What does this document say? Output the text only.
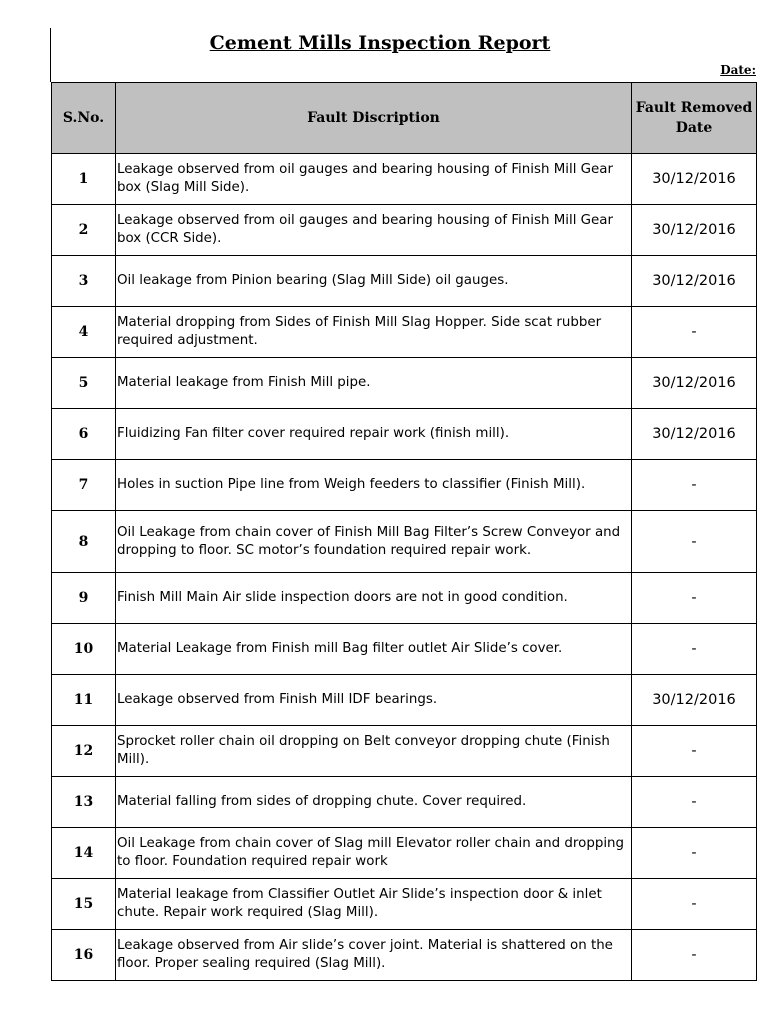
Cement Mills Inspection Report
Date:
S.No.	Fault Discription	Fault Removed Date
1	Leakage observed from oil gauges and bearing housing of Finish Mill Gear box (Slag Mill Side).	30/12/2016
2	Leakage observed from oil gauges and bearing housing of Finish Mill Gear box (CCR Side).	30/12/2016
3	Oil leakage from Pinion bearing (Slag Mill Side) oil gauges.	30/12/2016
4	Material dropping from Sides of Finish Mill Slag Hopper. Side scat rubber required adjustment.	-
5	Material leakage from Finish Mill pipe.	30/12/2016
6	Fluidizing Fan filter cover required repair work (finish mill).	30/12/2016
7	Holes in suction Pipe line from Weigh feeders to classifier (Finish Mill).	-
8	Oil Leakage from chain cover of Finish Mill Bag Filter’s Screw Conveyor and dropping to floor. SC motor’s foundation required repair work.	-
9	Finish Mill Main Air slide inspection doors are not in good condition.	-
10	Material Leakage from Finish mill Bag filter outlet Air Slide’s cover.	-
11	Leakage observed from Finish Mill IDF bearings.	30/12/2016
12	Sprocket roller chain oil dropping on Belt conveyor dropping chute (Finish Mill).	-
13	Material falling from sides of dropping chute. Cover required.	-
14	Oil Leakage from chain cover of Slag mill Elevator roller chain and dropping to floor. Foundation required repair work	-
15	Material leakage from Classifier Outlet Air Slide’s inspection door & inlet chute. Repair work required (Slag Mill).	-
16	Leakage observed from Air slide’s cover joint. Material is shattered on the floor. Proper sealing required (Slag Mill).	-
